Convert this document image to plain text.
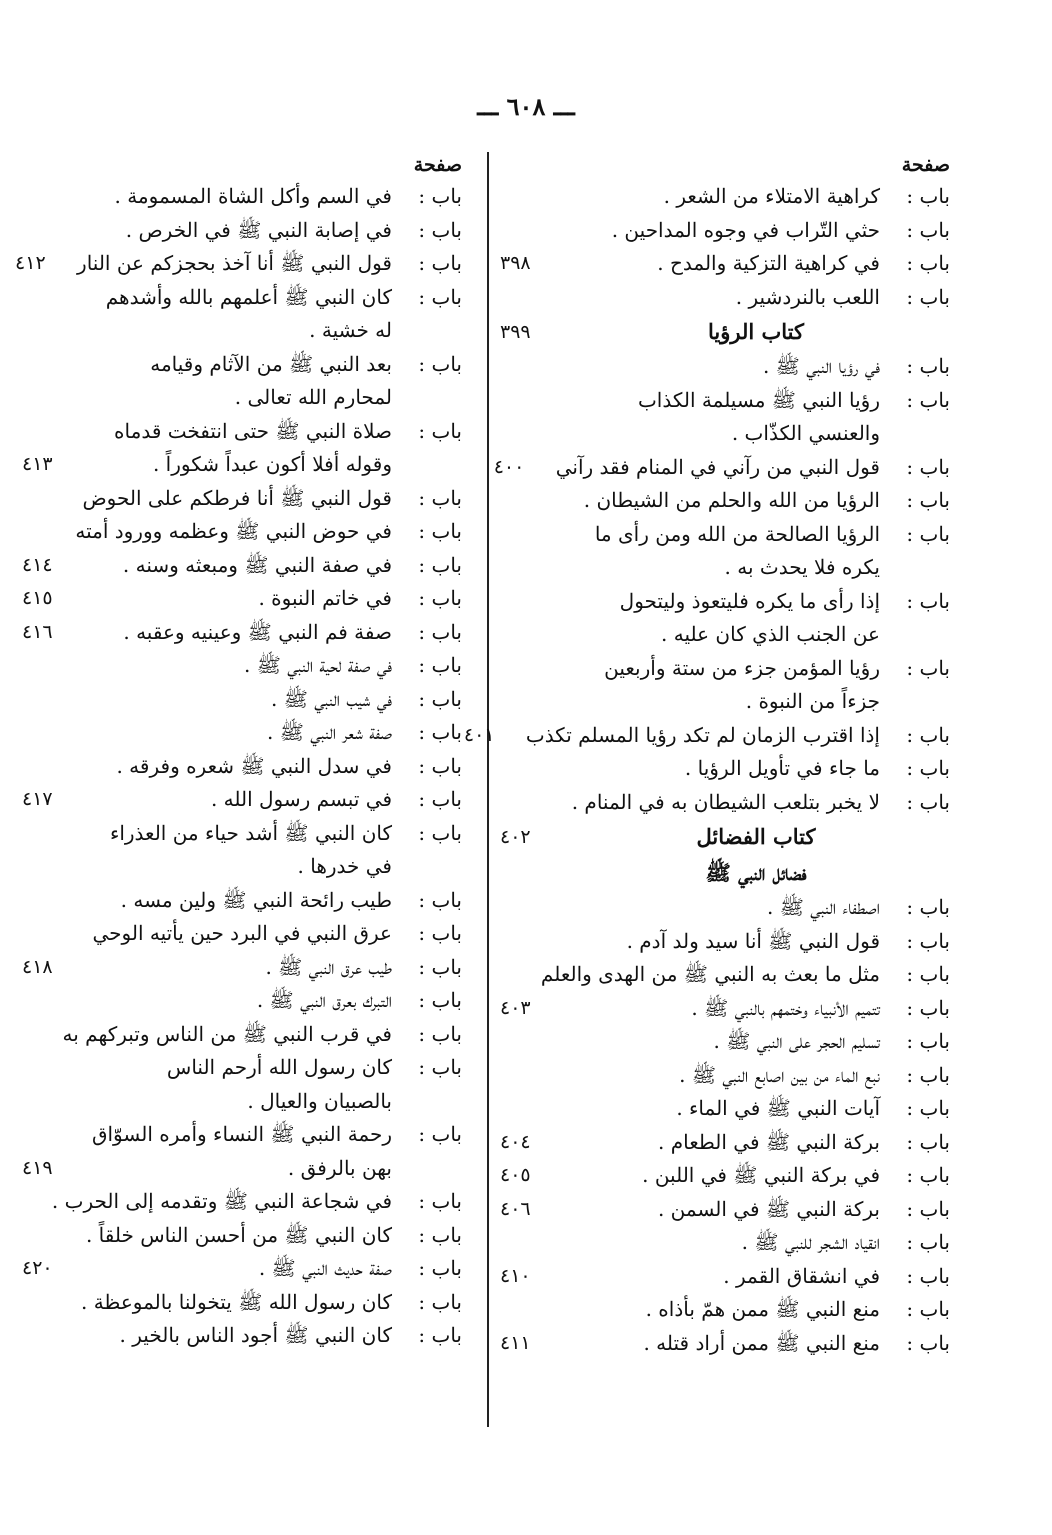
ـــ ٦٠٨ ـــ
صفحة
باب :
كراهية الامتلاء من الشعر .
باب :
حثي التّراب في وجوه المداحين .
باب :
في كراهية التزكية والمدح .
٣٩٨
باب :
اللعب بالنردشير .
كتاب الرؤيا
٣٩٩
باب :
في رؤيا النبي ﷺ .
باب :
رؤيا النبي ﷺ مسيلمة الكذاب
والعنسي الكذّاب .
باب :
قول النبي من رآني في المنام فقد رآني
٤٠٠
باب :
الرؤيا من الله والحلم من الشيطان .
باب :
الرؤيا الصالحة من الله ومن رأى ما
يكره فلا يحدث به .
باب :
إذا رأى ما يكره فليتعوذ وليتحول
عن الجنب الذي كان عليه .
باب :
رؤيا المؤمن جزء من ستة وأربعين
جزءاً من النبوة .
باب :
إذا اقترب الزمان لم تكد رؤيا المسلم تكذب
٤٠١
باب :
ما جاء في تأويل الرؤيا .
باب :
لا يخبر بتلعب الشيطان به في المنام .
كتاب الفضائل
٤٠٢
فضائل النبي ﷺ
باب :
اصطفاء النبي ﷺ .
باب :
قول النبي ﷺ أنا سيد ولد آدم .
باب :
مثل ما بعث به النبي ﷺ من الهدى والعلم
باب :
تتميم الأنبياء وختمهم بالنبي ﷺ .
٤٠٣
باب :
تسليم الحجر على النبي ﷺ .
باب :
نبع الماء من بين اصابع النبي ﷺ .
باب :
آيات النبي ﷺ في الماء .
باب :
بركة النبي ﷺ في الطعام .
٤٠٤
باب :
في بركة النبي ﷺ في اللبن .
٤٠٥
باب :
بركة النبي ﷺ في السمن .
٤٠٦
باب :
انقياد الشجر للنبي ﷺ .
باب :
في انشقاق القمر .
٤١٠
باب :
منع النبي ﷺ ممن همّ بأذاه .
باب :
منع النبي ﷺ ممن أراد قتله .
٤١١
صفحة
باب :
في السم وأكل الشاة المسمومة .
باب :
في إصابة النبي ﷺ في الخرص .
باب :
قول النبي ﷺ أنا آخذ بحجزكم عن النار
٤١٢
باب :
كان النبي ﷺ أعلمهم بالله وأشدهم
له خشية .
باب :
بعد النبي ﷺ من الآثام وقيامه
لمحارم الله تعالى .
باب :
صلاة النبي ﷺ حتى انتفخت قدماه
وقوله أفلا أكون عبداً شكوراً .
٤١٣
باب :
قول النبي ﷺ أنا فرطكم على الحوض
باب :
في حوض النبي ﷺ وعظمه وورود أمته
باب :
في صفة النبي ﷺ ومبعثه وسنه .
٤١٤
باب :
في خاتم النبوة .
٤١٥
باب :
صفة فم النبي ﷺ وعينيه وعقبه .
٤١٦
باب :
في صفة لحية النبي ﷺ .
باب :
في شيب النبي ﷺ .
باب :
صفة شعر النبي ﷺ .
باب :
في سدل النبي ﷺ شعره وفرقه .
باب :
في تبسم رسول الله .
٤١٧
باب :
كان النبي ﷺ أشد حياء من العذراء
في خدرها .
باب :
طيب رائحة النبي ﷺ ولين مسه .
باب :
عرق النبي في البرد حين يأتيه الوحي
باب :
طيب عرق النبي ﷺ .
٤١٨
باب :
التبرك بعرق النبي ﷺ .
باب :
في قرب النبي ﷺ من الناس وتبركهم به
باب :
كان رسول الله أرحم الناس
بالصبيان والعيال .
باب :
رحمة النبي ﷺ النساء وأمره السوّاق
بهن بالرفق .
٤١٩
باب :
في شجاعة النبي ﷺ وتقدمه إلى الحرب .
باب :
كان النبي ﷺ من أحسن الناس خلقاً .
باب :
صفة حديث النبي ﷺ .
٤٢٠
باب :
كان رسول الله ﷺ يتخولنا بالموعظة .
باب :
كان النبي ﷺ أجود الناس بالخير .
